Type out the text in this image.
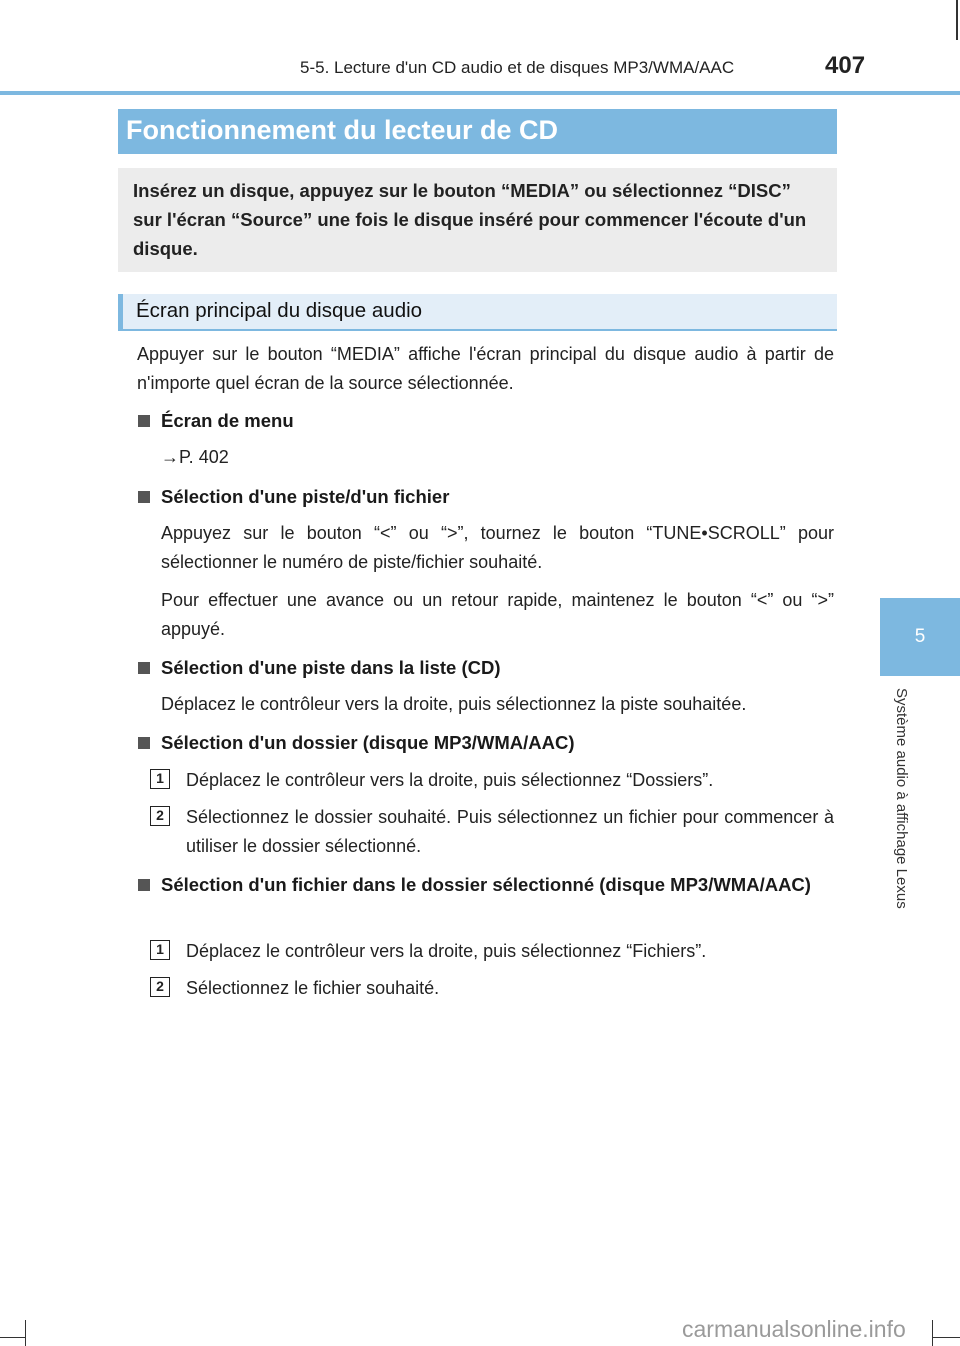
5-5. Lecture d'un CD audio et de disques MP3/WMA/AAC	407
5
Système audio à affichage Lexus
Fonctionnement du lecteur de CD
Insérez un disque, appuyez sur le bouton “MEDIA” ou sélectionnez “DISC” sur l'écran “Source” une fois le disque inséré pour commencer l'écoute d'un disque.
Écran principal du disque audio
Appuyer sur le bouton “MEDIA” affiche l'écran principal du disque audio à partir de n'importe quel écran de la source sélectionnée.
Écran de menu
→P. 402
Sélection d'une piste/d'un fichier
Appuyez sur le bouton “<” ou “>”, tournez le bouton “TUNE•SCROLL” pour sélectionner le numéro de piste/fichier souhaité.
Pour effectuer une avance ou un retour rapide, maintenez le bouton “<” ou “>” appuyé.
Sélection d'une piste dans la liste (CD)
Déplacez le contrôleur vers la droite, puis sélectionnez la piste souhaitée.
Sélection d'un dossier (disque MP3/WMA/AAC)
1	Déplacez le contrôleur vers la droite, puis sélectionnez “Dossiers”.
2	Sélectionnez le dossier souhaité. Puis sélectionnez un fichier pour commencer à utiliser le dossier sélectionné.
Sélection d'un fichier dans le dossier sélectionné (disque MP3/WMA/AAC)
1	Déplacez le contrôleur vers la droite, puis sélectionnez “Fichiers”.
2	Sélectionnez le fichier souhaité.
carmanualsonline.info
